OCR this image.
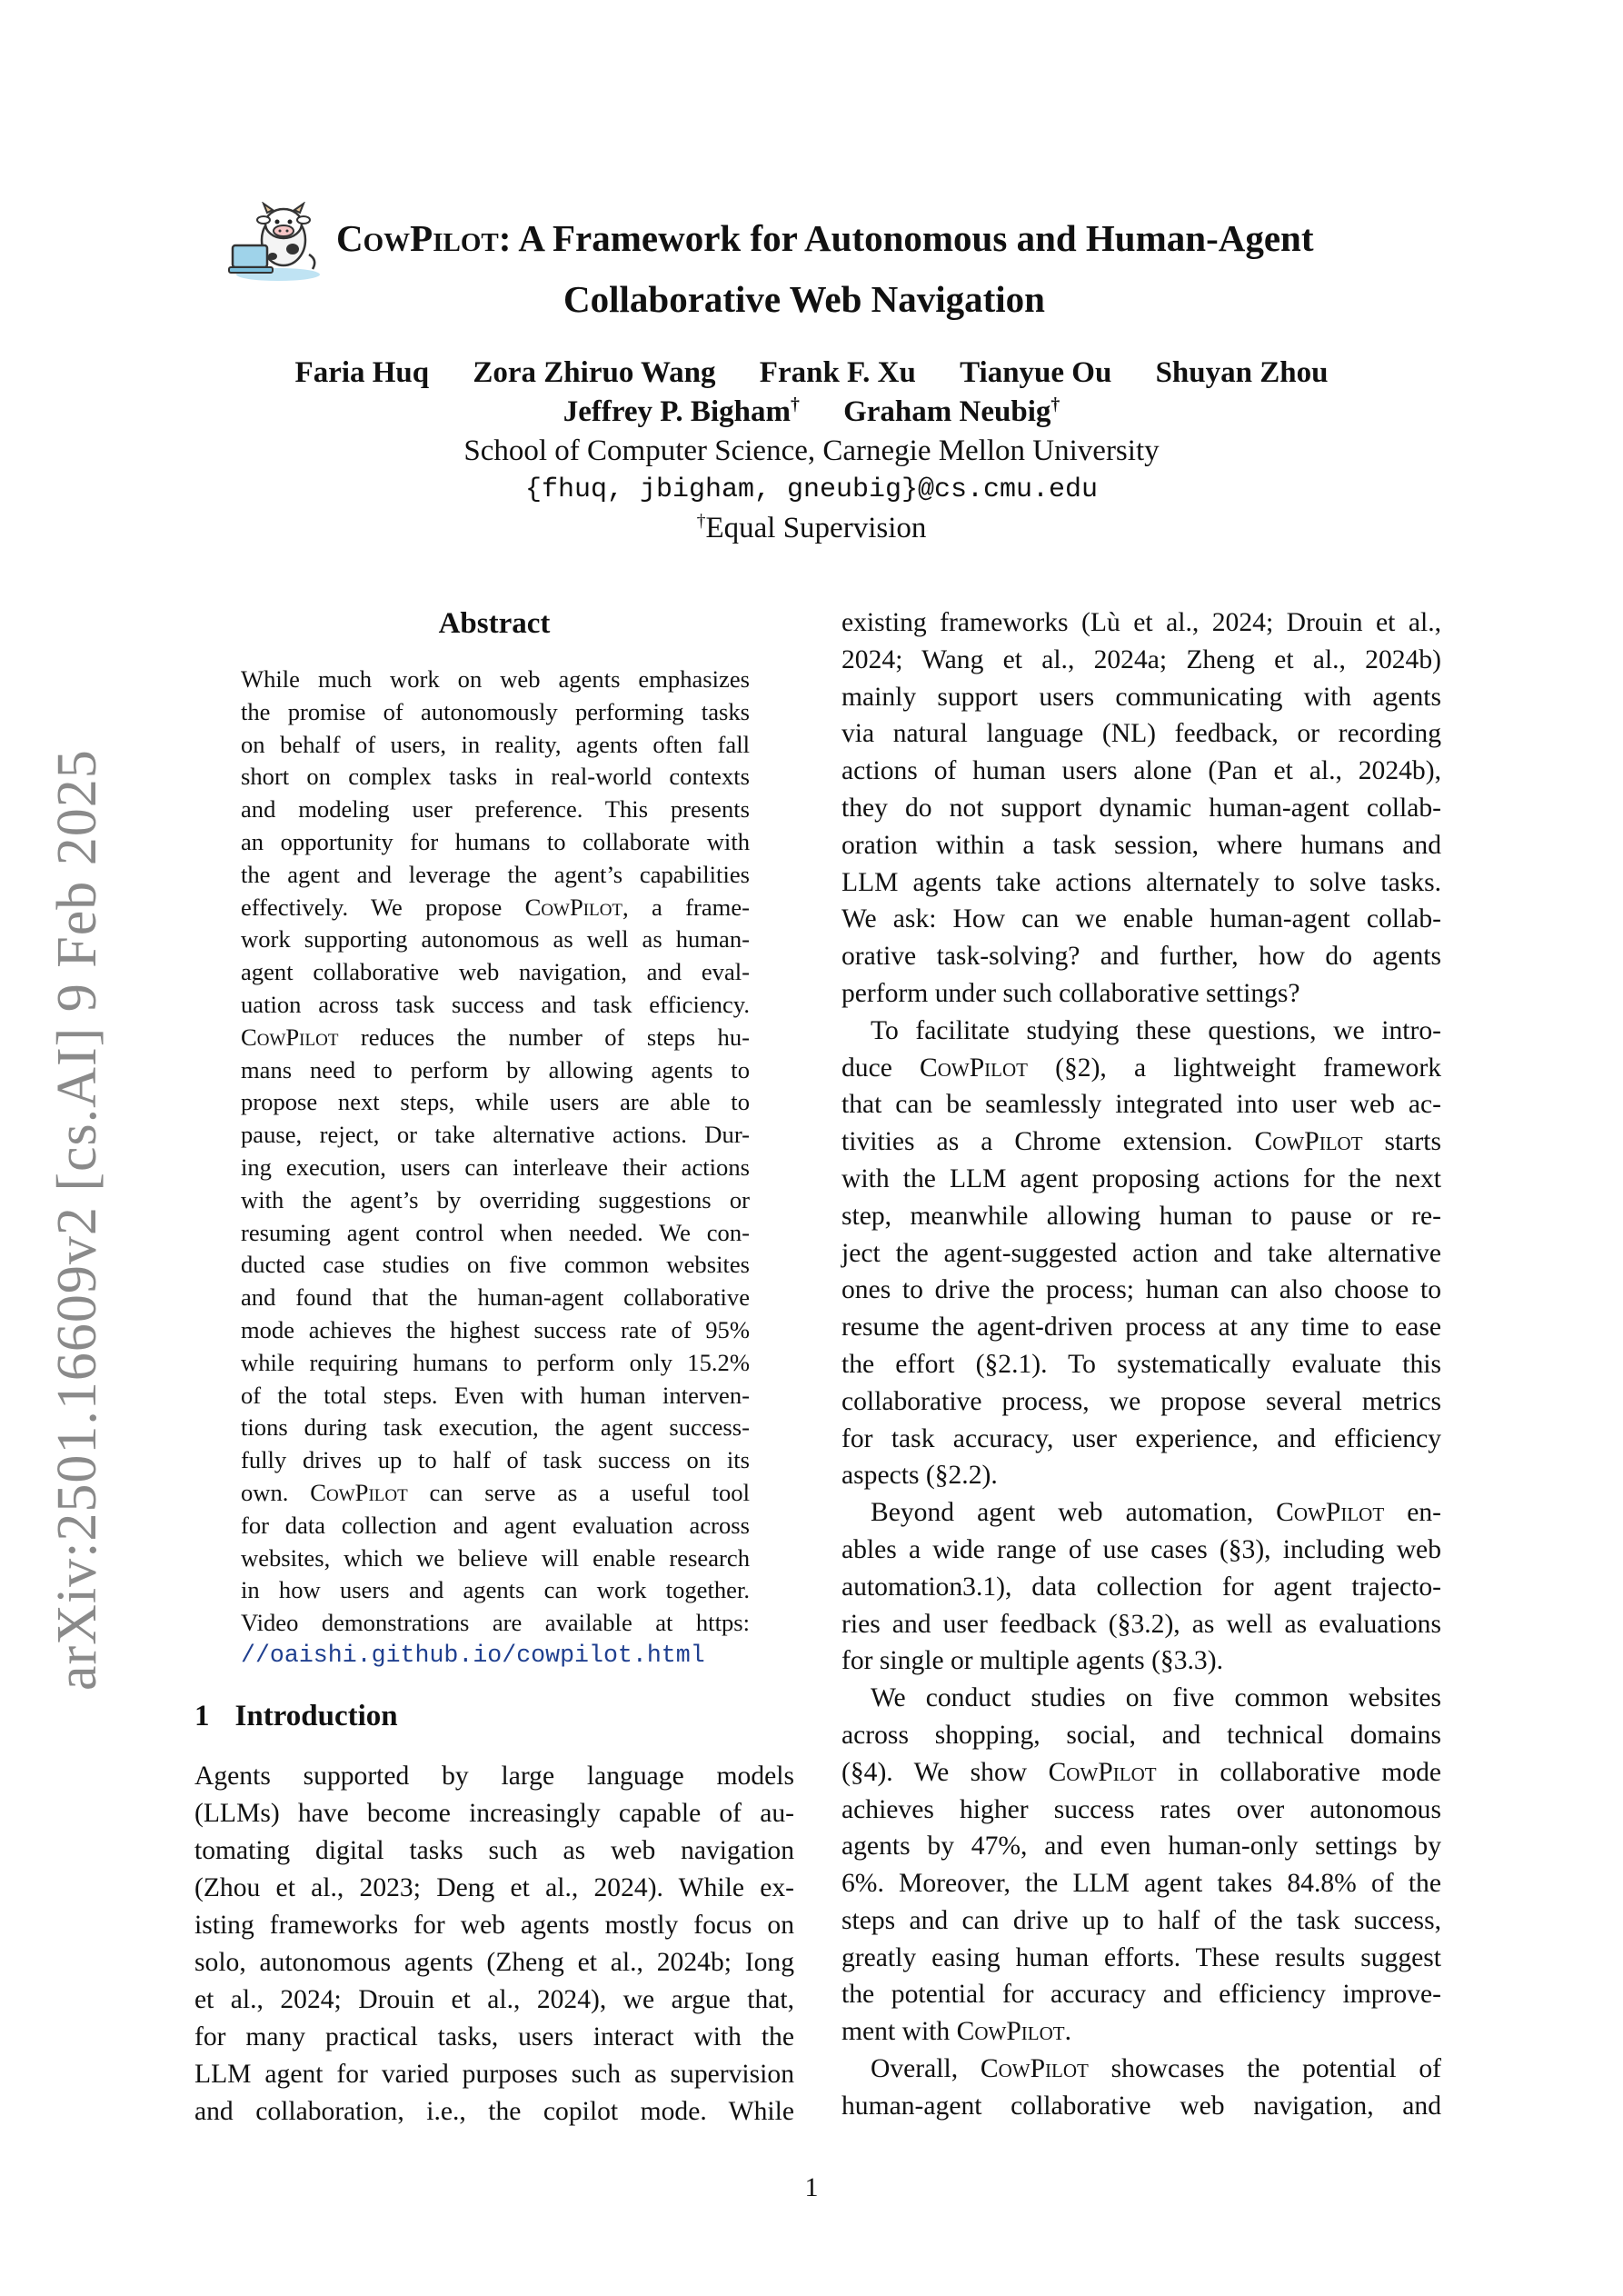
arXiv:2501.16609v2 [cs.AI] 9 Feb 2025
CowPilot: A Framework for Autonomous and Human-Agent
Collaborative Web Navigation
Faria Huq Zora Zhiruo Wang Frank F. Xu Tianyue Ou Shuyan Zhou
Jeffrey P. Bigham† Graham Neubig†
School of Computer Science, Carnegie Mellon University
{fhuq, jbigham, gneubig}@cs.cmu.edu
†Equal Supervision
Abstract
While much work on web agents emphasizes
the promise of autonomously performing tasks
on behalf of users, in reality, agents often fall
short on complex tasks in real-world contexts
and modeling user preference. This presents
an opportunity for humans to collaborate with
the agent and leverage the agent’s capabilities
effectively. We propose CowPilot, a frame-
work supporting autonomous as well as human-
agent collaborative web navigation, and eval-
uation across task success and task efficiency.
CowPilot reduces the number of steps hu-
mans need to perform by allowing agents to
propose next steps, while users are able to
pause, reject, or take alternative actions. Dur-
ing execution, users can interleave their actions
with the agent’s by overriding suggestions or
resuming agent control when needed. We con-
ducted case studies on five common websites
and found that the human-agent collaborative
mode achieves the highest success rate of 95%
while requiring humans to perform only 15.2%
of the total steps. Even with human interven-
tions during task execution, the agent success-
fully drives up to half of task success on its
own. CowPilot can serve as a useful tool
for data collection and agent evaluation across
websites, which we believe will enable research
in how users and agents can work together.
Video demonstrations are available at https:
//oaishi.github.io/cowpilot.html
1 Introduction
Agents supported by large language models
(LLMs) have become increasingly capable of au-
tomating digital tasks such as web navigation
(Zhou et al., 2023; Deng et al., 2024). While ex-
isting frameworks for web agents mostly focus on
solo, autonomous agents (Zheng et al., 2024b; Iong
et al., 2024; Drouin et al., 2024), we argue that,
for many practical tasks, users interact with the
LLM agent for varied purposes such as supervision
and collaboration, i.e., the copilot mode. While
existing frameworks (Lù et al., 2024; Drouin et al.,
2024; Wang et al., 2024a; Zheng et al., 2024b)
mainly support users communicating with agents
via natural language (NL) feedback, or recording
actions of human users alone (Pan et al., 2024b),
they do not support dynamic human-agent collab-
oration within a task session, where humans and
LLM agents take actions alternately to solve tasks.
We ask: How can we enable human-agent collab-
orative task-solving? and further, how do agents
perform under such collaborative settings?
To facilitate studying these questions, we intro-
duce CowPilot (§2), a lightweight framework
that can be seamlessly integrated into user web ac-
tivities as a Chrome extension. CowPilot starts
with the LLM agent proposing actions for the next
step, meanwhile allowing human to pause or re-
ject the agent-suggested action and take alternative
ones to drive the process; human can also choose to
resume the agent-driven process at any time to ease
the effort (§2.1). To systematically evaluate this
collaborative process, we propose several metrics
for task accuracy, user experience, and efficiency
aspects (§2.2).
Beyond agent web automation, CowPilot en-
ables a wide range of use cases (§3), including web
automation3.1), data collection for agent trajecto-
ries and user feedback (§3.2), as well as evaluations
for single or multiple agents (§3.3).
We conduct studies on five common websites
across shopping, social, and technical domains
(§4). We show CowPilot in collaborative mode
achieves higher success rates over autonomous
agents by 47%, and even human-only settings by
6%. Moreover, the LLM agent takes 84.8% of the
steps and can drive up to half of the task success,
greatly easing human efforts. These results suggest
the potential for accuracy and efficiency improve-
ment with CowPilot.
Overall, CowPilot showcases the potential of
human-agent collaborative web navigation, and
1
